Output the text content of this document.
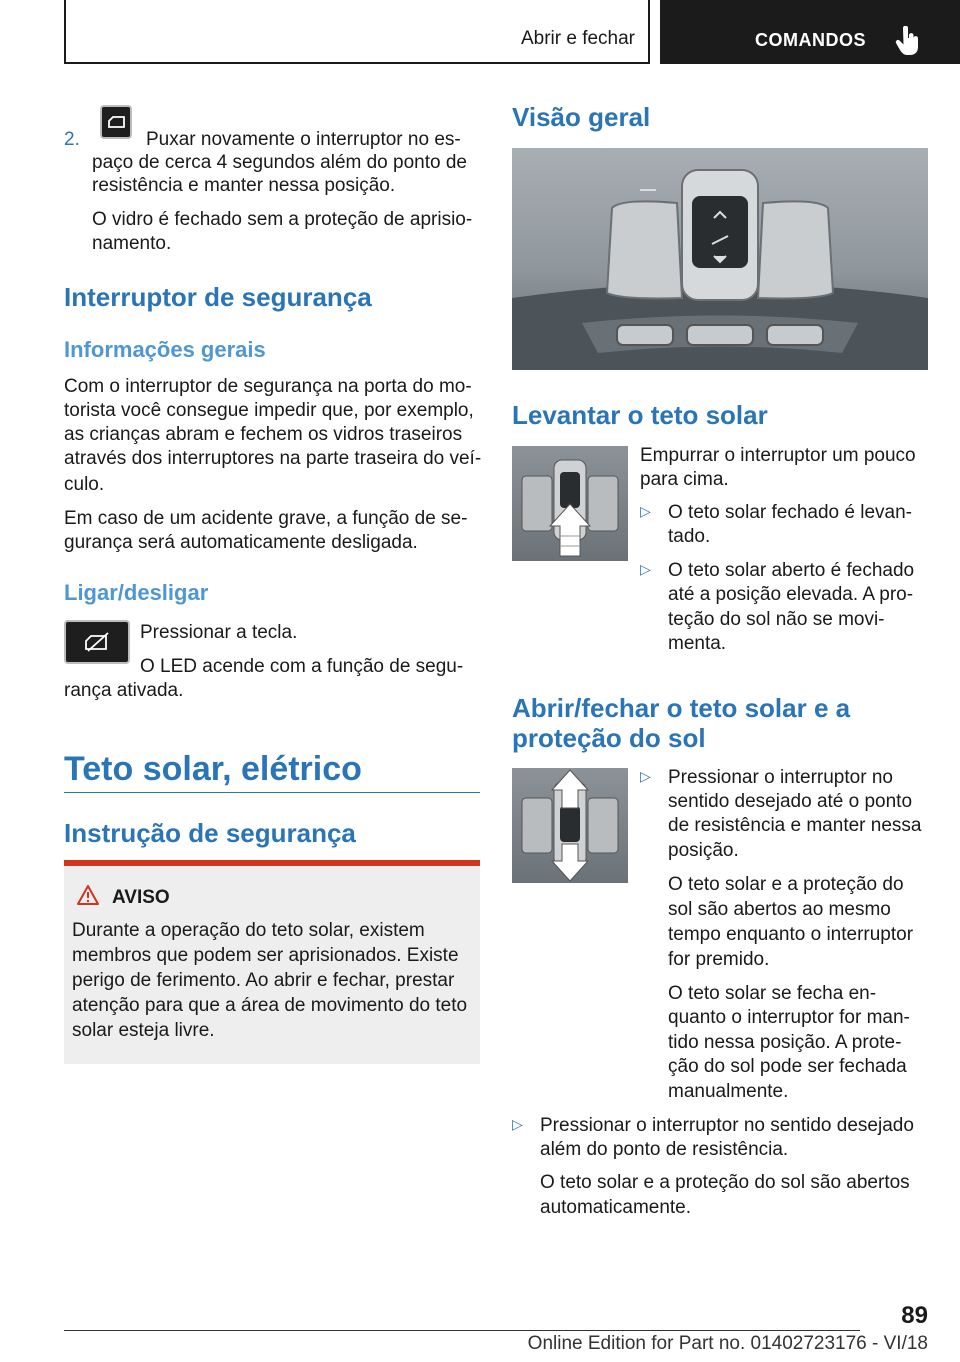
Abrir e fechar	COMANDOS
2.	Puxar novamente o interruptor no es-
paço de cerca 4 segundos além do ponto de
resistência e manter nessa posição.
O vidro é fechado sem a proteção de aprisio-
namento.
Interruptor de segurança
Informações gerais
Com o interruptor de segurança na porta do mo-
torista você consegue impedir que, por exemplo,
as crianças abram e fechem os vidros traseiros
através dos interruptores na parte traseira do veí-
culo.
Em caso de um acidente grave, a função de se-
gurança será automaticamente desligada.
Ligar/desligar
Pressionar a tecla.
O LED acende com a função de segu-
rança ativada.
Teto solar, elétrico
Instrução de segurança
AVISO
Durante a operação do teto solar, existem
membros que podem ser aprisionados. Existe
perigo de ferimento. Ao abrir e fechar, prestar
atenção para que a área de movimento do teto
solar esteja livre.
Visão geral
Levantar o teto solar
Empurrar o interruptor um pouco
para cima.
▷ O teto solar fechado é levan-
tado.
▷ O teto solar aberto é fechado
até a posição elevada. A pro-
teção do sol não se movi-
menta.
Abrir/fechar o teto solar e a
proteção do sol
▷ Pressionar o interruptor no
sentido desejado até o ponto
de resistência e manter nessa
posição.
O teto solar e a proteção do
sol são abertos ao mesmo
tempo enquanto o interruptor
for premido.
O teto solar se fecha en-
quanto o interruptor for man-
tido nessa posição. A prote-
ção do sol pode ser fechada
manualmente.
▷ Pressionar o interruptor no sentido desejado
além do ponto de resistência.
O teto solar e a proteção do sol são abertos
automaticamente.
89
Online Edition for Part no. 01402723176 - VI/18
